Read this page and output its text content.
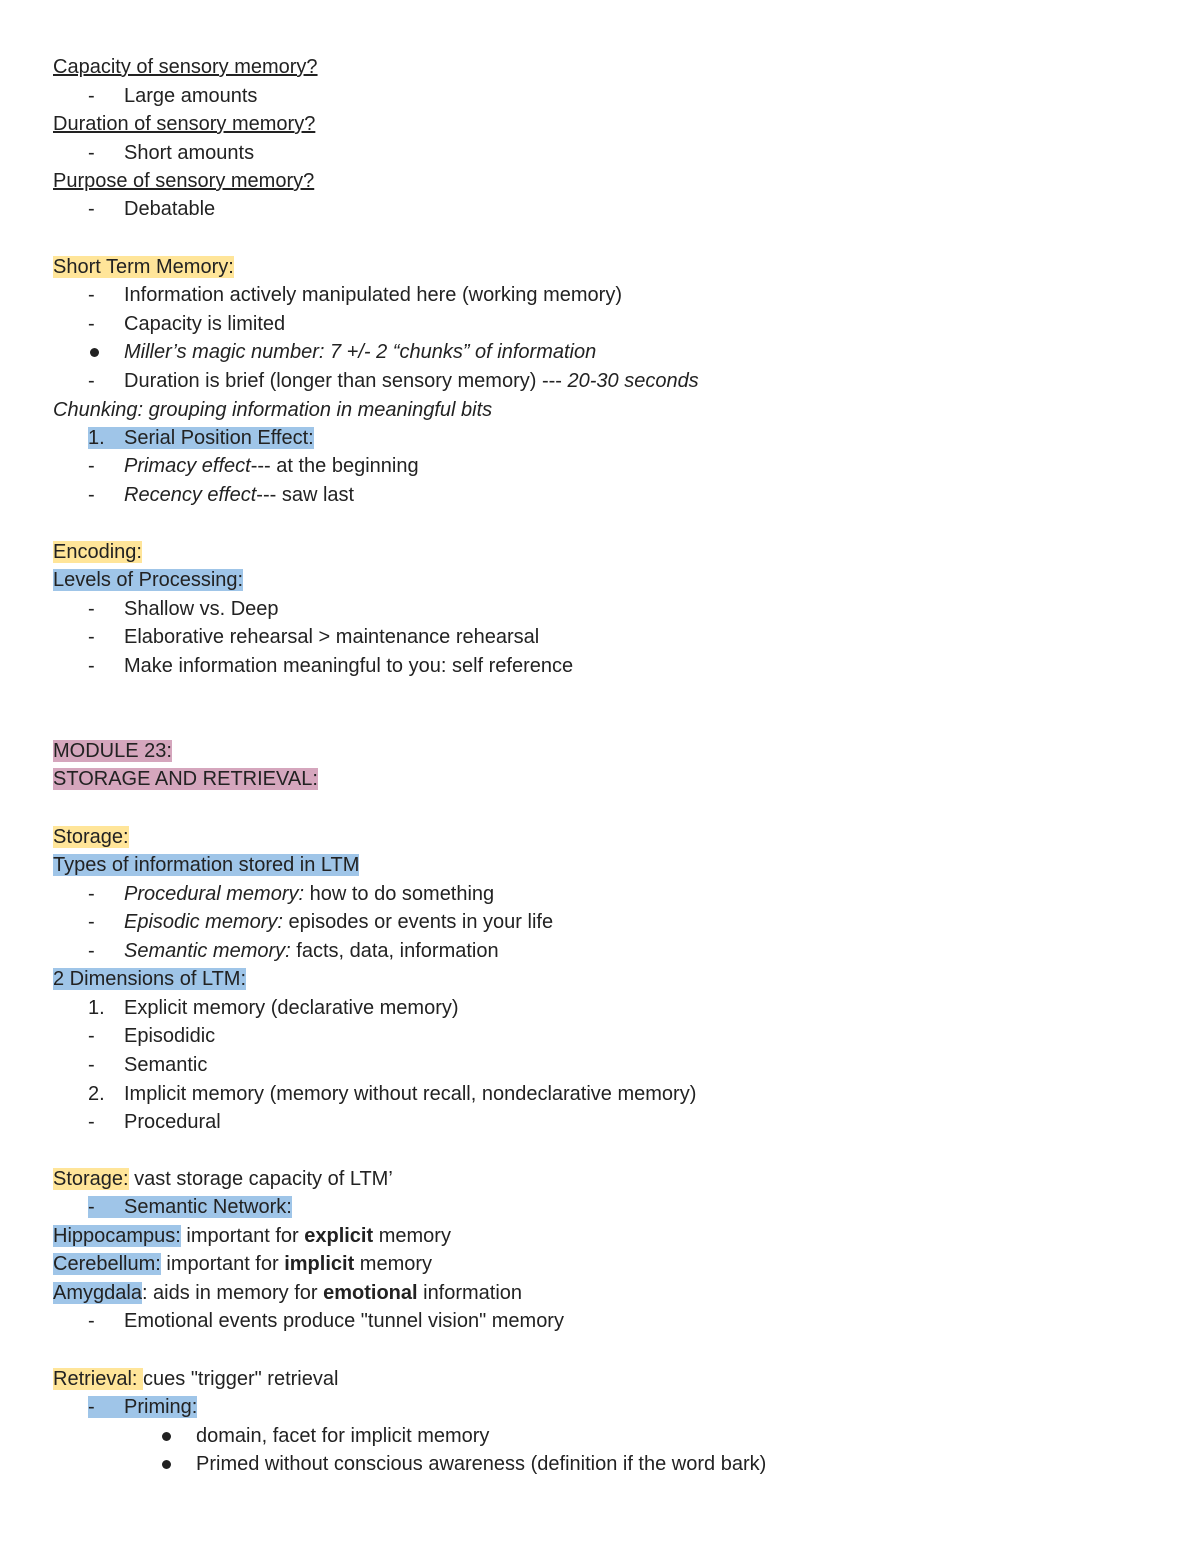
Capacity of sensory memory?
- Large amounts
Duration of sensory memory?
- Short amounts
Purpose of sensory memory?
- Debatable
Short Term Memory:
- Information actively manipulated here (working memory)
- Capacity is limited
Miller’s magic number: 7 +/- 2 “chunks” of information
- Duration is brief (longer than sensory memory) --- 20-30 seconds
Chunking: grouping information in meaningful bits
1. Serial Position Effect:
- Primacy effect--- at the beginning
- Recency effect--- saw last
Encoding:
Levels of Processing:
- Shallow vs. Deep
- Elaborative rehearsal > maintenance rehearsal
- Make information meaningful to you: self reference
MODULE 23:
STORAGE AND RETRIEVAL:
Storage:
Types of information stored in LTM
- Procedural memory: how to do something
- Episodic memory: episodes or events in your life
- Semantic memory: facts, data, information
2 Dimensions of LTM:
1. Explicit memory (declarative memory)
- Episodidic
- Semantic
2. Implicit memory (memory without recall, nondeclarative memory)
- Procedural
Storage: vast storage capacity of LTM’
- Semantic Network:
Hippocampus: important for explicit memory
Cerebellum: important for implicit memory
Amygdala: aids in memory for emotional information
- Emotional events produce "tunnel vision" memory
Retrieval: cues "trigger" retrieval
- Priming:
domain, facet for implicit memory
Primed without conscious awareness (definition if the word bark)
